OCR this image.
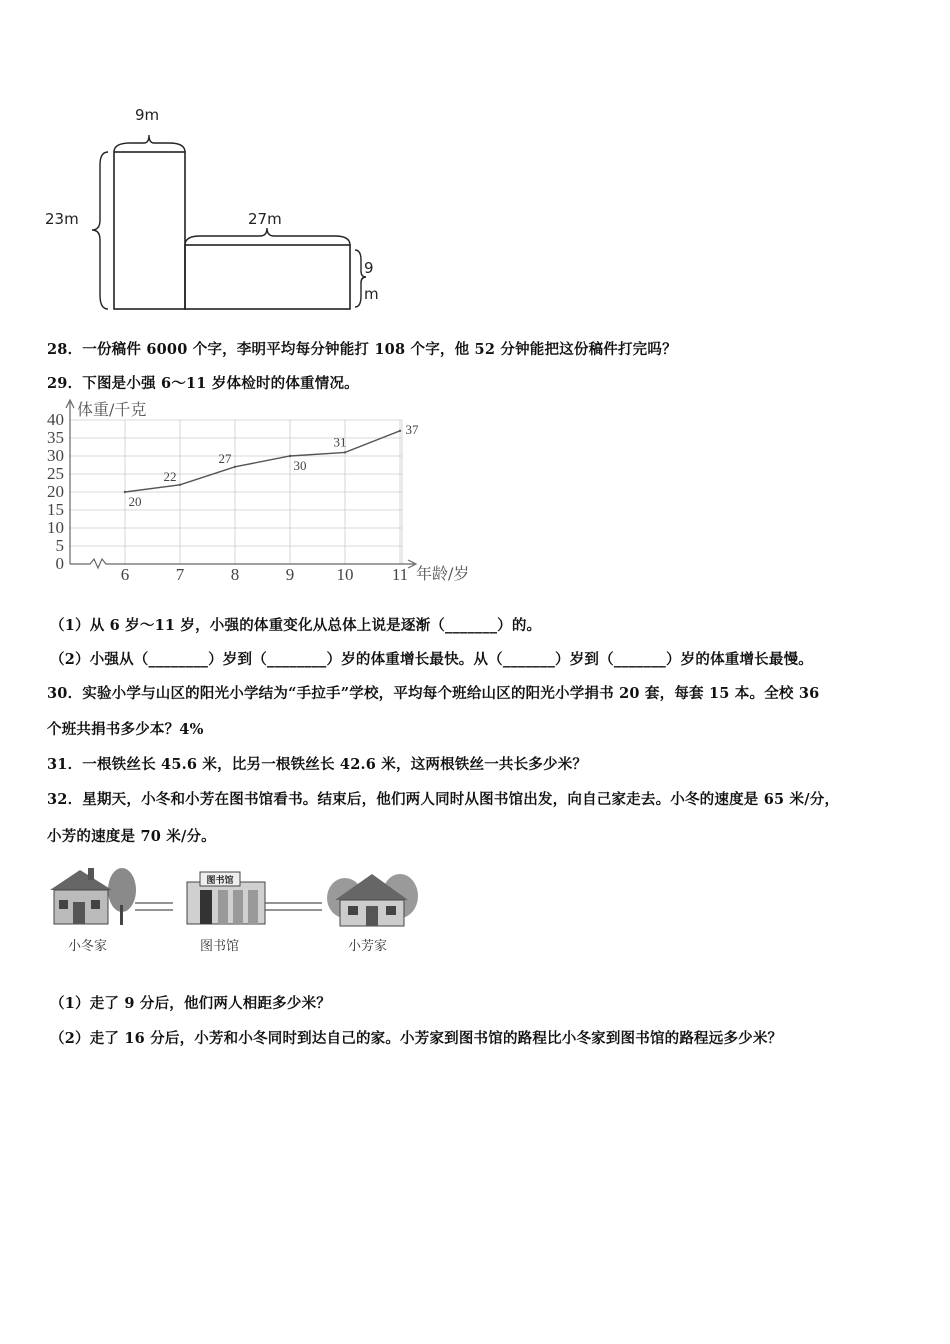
9m
23m	27m
9
m
28．一份稿件 6000 个字，李明平均每分钟能打 108 个字，他 52 分钟能把这份稿件打完吗？
29．下图是小强 6～11 岁体检时的体重情况。
40
35
30
25
20
15
10
5
0
6	7	8	9 10 11
20
22
27	30
31
37
体重/千克
年龄/岁
（1）从 6 岁～11 岁，小强的体重变化从总体上说是逐渐（_______）的。
（2）小强从（________）岁到（________）岁的体重增长最快。从（_______）岁到（_______）岁的体重增长最慢。
30．实验小学与山区的阳光小学结为“手拉手”学校，平均每个班给山区的阳光小学捐书 20 套，每套 15 本。全校 36
个班共捐书多少本？4%
31．一根铁丝长 45.6 米，比另一根铁丝长 42.6 米，这两根铁丝一共长多少米？
32．星期天，小冬和小芳在图书馆看书。结束后，他们两人同时从图书馆出发，向自己家走去。小冬的速度是 65 米/分，
小芳的速度是 70 米/分。
图书馆
小冬家	图书馆	小芳家
（1）走了 9 分后，他们两人相距多少米？
（2）走了 16 分后，小芳和小冬同时到达自己的家。小芳家到图书馆的路程比小冬家到图书馆的路程远多少米？
